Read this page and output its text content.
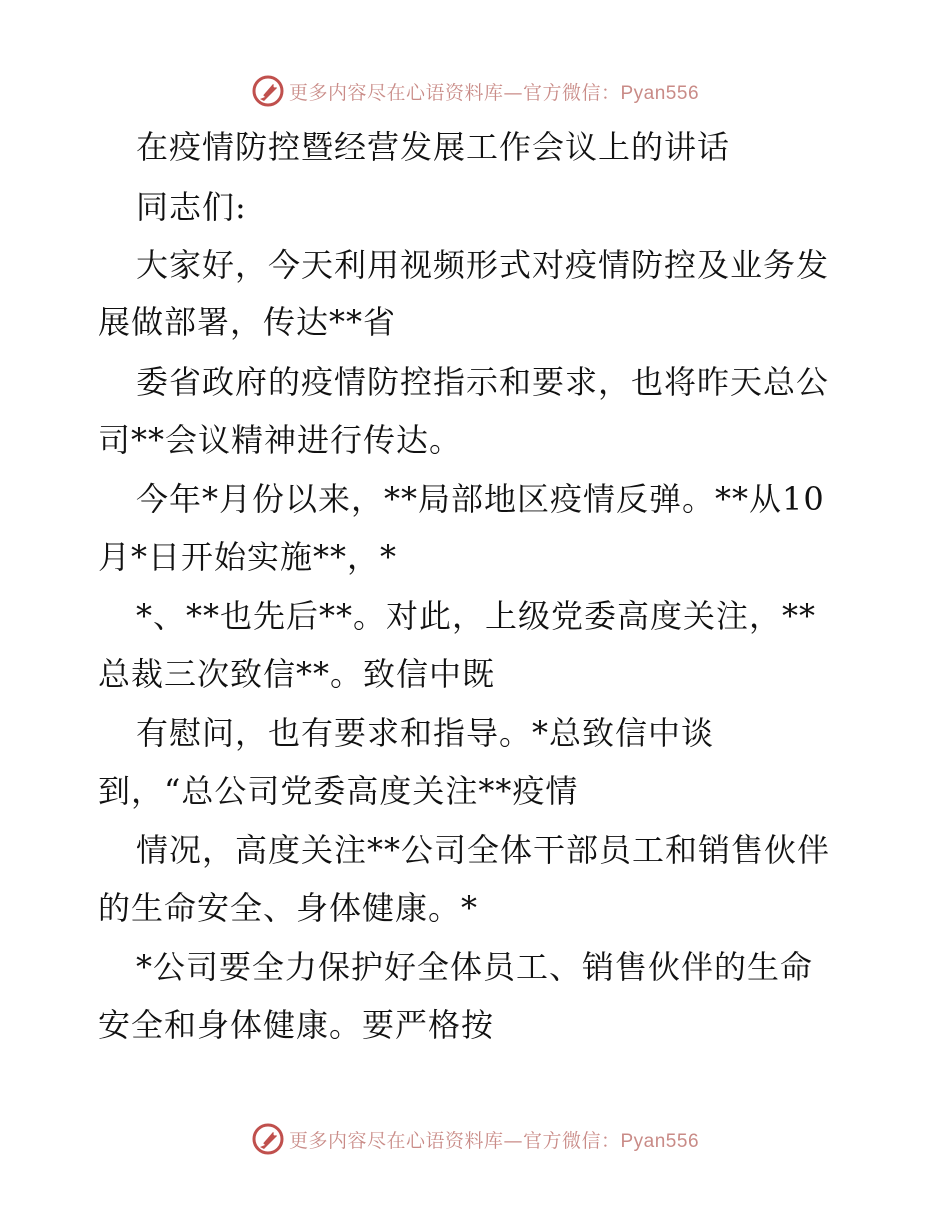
更多内容尽在心语资料库—官方微信：Pyan556
在疫情防控暨经营发展工作会议上的讲话
同志们:
大家好，今天利用视频形式对疫情防控及业务发
展做部署，传达**省
委省政府的疫情防控指示和要求，也将昨天总公
司**会议精神进行传达。
今年*月份以来，**局部地区疫情反弹。**从10
月*日开始实施**，*
*、**也先后**。对此，上级党委高度关注，**
总裁三次致信**。致信中既
有慰问，也有要求和指导。*总致信中谈
到，“总公司党委高度关注**疫情
情况，高度关注**公司全体干部员工和销售伙伴
的生命安全、身体健康。*
*公司要全力保护好全体员工、销售伙伴的生命
安全和身体健康。要严格按
更多内容尽在心语资料库—官方微信：Pyan556
